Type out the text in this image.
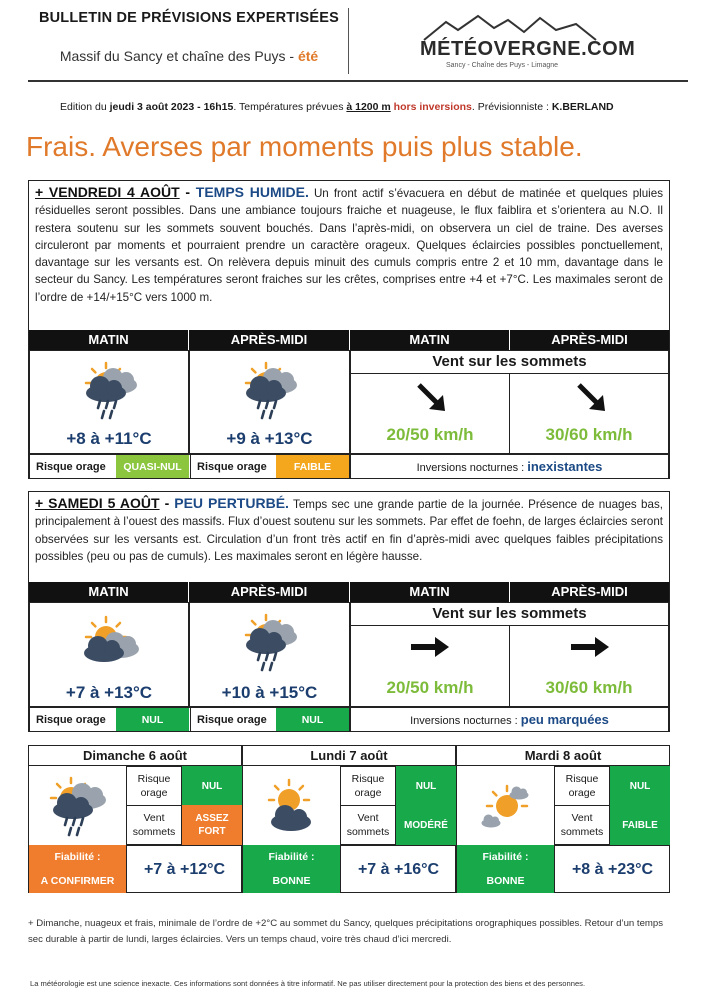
BULLETIN DE PRÉVISIONS EXPERTISÉES
Massif du Sancy et chaîne des Puys - été	MÉTÉOVERGNE.COM
Sancy - Chaîne des Puys - Limagne
Edition du jeudi 3 août 2023 - 16h15. Températures prévues à 1200 m hors inversions. Prévisionniste : K.BERLAND
Frais. Averses par moments puis plus stable.
+ VENDREDI 4 AOÛT - TEMPS HUMIDE. Un front actif s’évacuera en début de matinée et quelques pluies résiduelles seront possibles. Dans une ambiance toujours fraiche et nuageuse, le flux faiblira et s’orientera au N.O. Il restera soutenu sur les sommets souvent bouchés. Dans l’après-midi, on observera un ciel de traine. Des averses circuleront par moments et pourraient prendre un caractère orageux. Quelques éclaircies possibles ponctuellement, davantage sur les versants est. On relèvera depuis minuit des cumuls compris entre 2 et 10 mm, davantage dans le secteur du Sancy. Les températures seront fraiches sur les crêtes, comprises entre +4 et +7°C. Les maximales seront de l’ordre de +14/+15°C vers 1000 m.
MATIN	APRÈS-MIDI	MATIN	APRÈS-MIDI
+8 à +11°C	+9 à +13°C
Vent sur les sommets
20/50 km/h	30/60 km/h
Risque orage	QUASI-NUL	Risque orage	FAIBLE	Inversions nocturnes : inexistantes
+ SAMEDI 5 AOÛT - PEU PERTURBÉ. Temps sec une grande partie de la journée. Présence de nuages bas, principalement à l’ouest des massifs. Flux d’ouest soutenu sur les sommets. Par effet de foehn, de larges éclaircies seront observées sur les versants est. Circulation d’un front très actif en fin d’après-midi avec quelques faibles précipitations possibles (peu ou pas de cumuls). Les maximales seront en légère hausse.
MATIN	APRÈS-MIDI	MATIN	APRÈS-MIDI
+7 à +13°C	+10 à +15°C
Vent sur les sommets
20/50 km/h	30/60 km/h
Risque orage	NUL	Risque orage	NUL	Inversions nocturnes : peu marquées
Dimanche 6 août
Risque orage
NUL
Vent sommets
ASSEZ FORT
Fiabilité :
A CONFIRMER
+7 à +12°C
Lundi 7 août
Risque orage
NUL
Vent sommets
MODÉRÉ
Fiabilité :
BONNE
+7 à +16°C
Mardi 8 août
Risque orage
NUL
Vent sommets
FAIBLE
Fiabilité :
BONNE
+8 à +23°C
+ Dimanche, nuageux et frais, minimale de l’ordre de +2°C au sommet du Sancy, quelques précipitations orographiques possibles. Retour d’un temps sec durable à partir de lundi, larges éclaircies. Vers un temps chaud, voire très chaud d’ici mercredi.
La météorologie est une science inexacte. Ces informations sont données à titre informatif. Ne pas utiliser directement pour la protection des biens et des personnes.
